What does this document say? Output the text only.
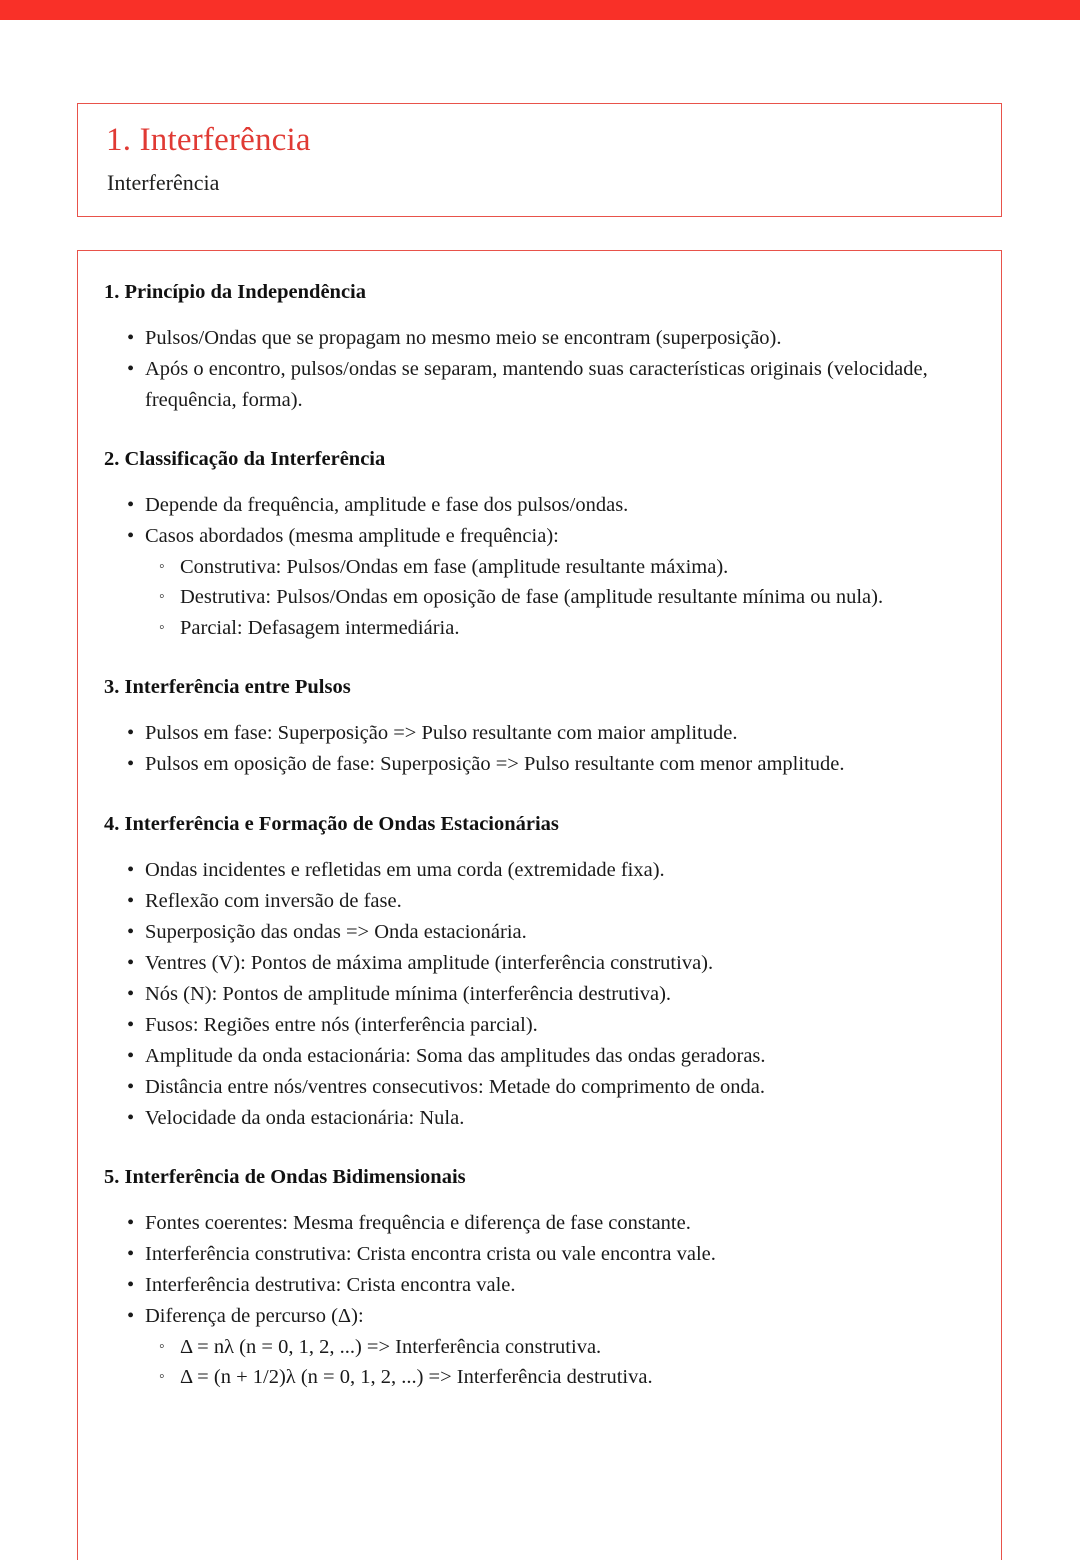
1. Interferência

Interferência

1. Princípio da Independência
• Pulsos/Ondas que se propagam no mesmo meio se encontram (superposição).
• Após o encontro, pulsos/ondas se separam, mantendo suas características originais (velocidade, frequência, forma).
2. Classificação da Interferência
• Depende da frequência, amplitude e fase dos pulsos/ondas.
• Casos abordados (mesma amplitude e frequência):
◦ Construtiva: Pulsos/Ondas em fase (amplitude resultante máxima).
◦ Destrutiva: Pulsos/Ondas em oposição de fase (amplitude resultante mínima ou nula).
◦ Parcial: Defasagem intermediária.
3. Interferência entre Pulsos
• Pulsos em fase: Superposição => Pulso resultante com maior amplitude.
• Pulsos em oposição de fase: Superposição => Pulso resultante com menor amplitude.
4. Interferência e Formação de Ondas Estacionárias
• Ondas incidentes e refletidas em uma corda (extremidade fixa).
• Reflexão com inversão de fase.
• Superposição das ondas => Onda estacionária.
• Ventres (V): Pontos de máxima amplitude (interferência construtiva).
• Nós (N): Pontos de amplitude mínima (interferência destrutiva).
• Fusos: Regiões entre nós (interferência parcial).
• Amplitude da onda estacionária: Soma das amplitudes das ondas geradoras.
• Distância entre nós/ventres consecutivos: Metade do comprimento de onda.
• Velocidade da onda estacionária: Nula.
5. Interferência de Ondas Bidimensionais
• Fontes coerentes: Mesma frequência e diferença de fase constante.
• Interferência construtiva: Crista encontra crista ou vale encontra vale.
• Interferência destrutiva: Crista encontra vale.
• Diferença de percurso (Δ):
◦ Δ = nλ (n = 0, 1, 2, ...) => Interferência construtiva.
◦ Δ = (n + 1/2)λ (n = 0, 1, 2, ...) => Interferência destrutiva.
